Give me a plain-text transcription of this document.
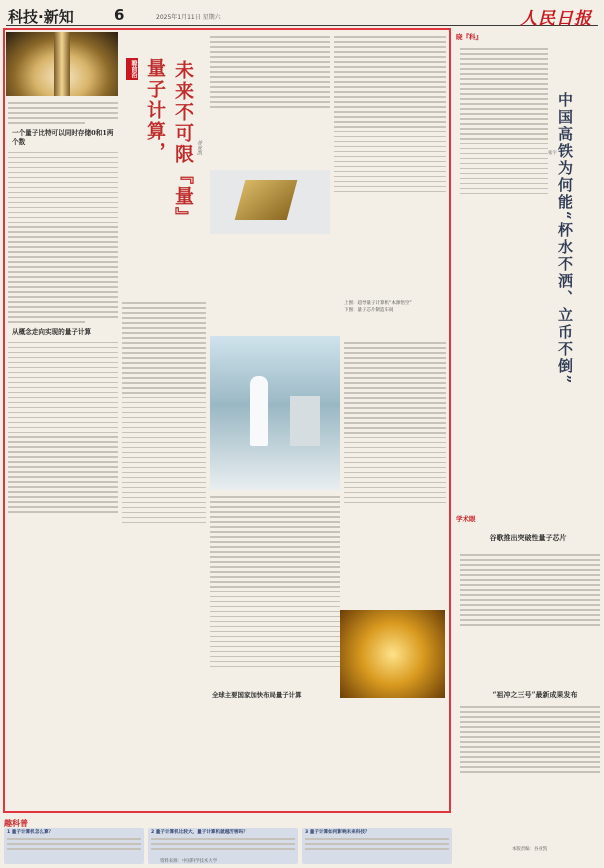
科技·新知	6	2025年1月11日 星期六	人民日报
瞭前沿 量子计算， 未来不可限『量』 谷业凯
一个量子比特可以同时存储0和1两个数
从概念走向实现的量子计算
上图：超导量子计算机“本源悟空”
下图：量子芯片制造车间
全球主要国家加快布局量子计算
晓『科』
中国高铁为何能“杯水不洒、立币不倒”
张宇
学术眼
谷歌推出突破性量子芯片
“祖冲之三号”最新成果发布
趣科普
1 量子计算机怎么算？	2 量子计算机比较大，量子计算机就越厉害吗？	3 量子计算如何影响未来科技？
资料来源：中国科学技术大学
本版责编：谷业凯
